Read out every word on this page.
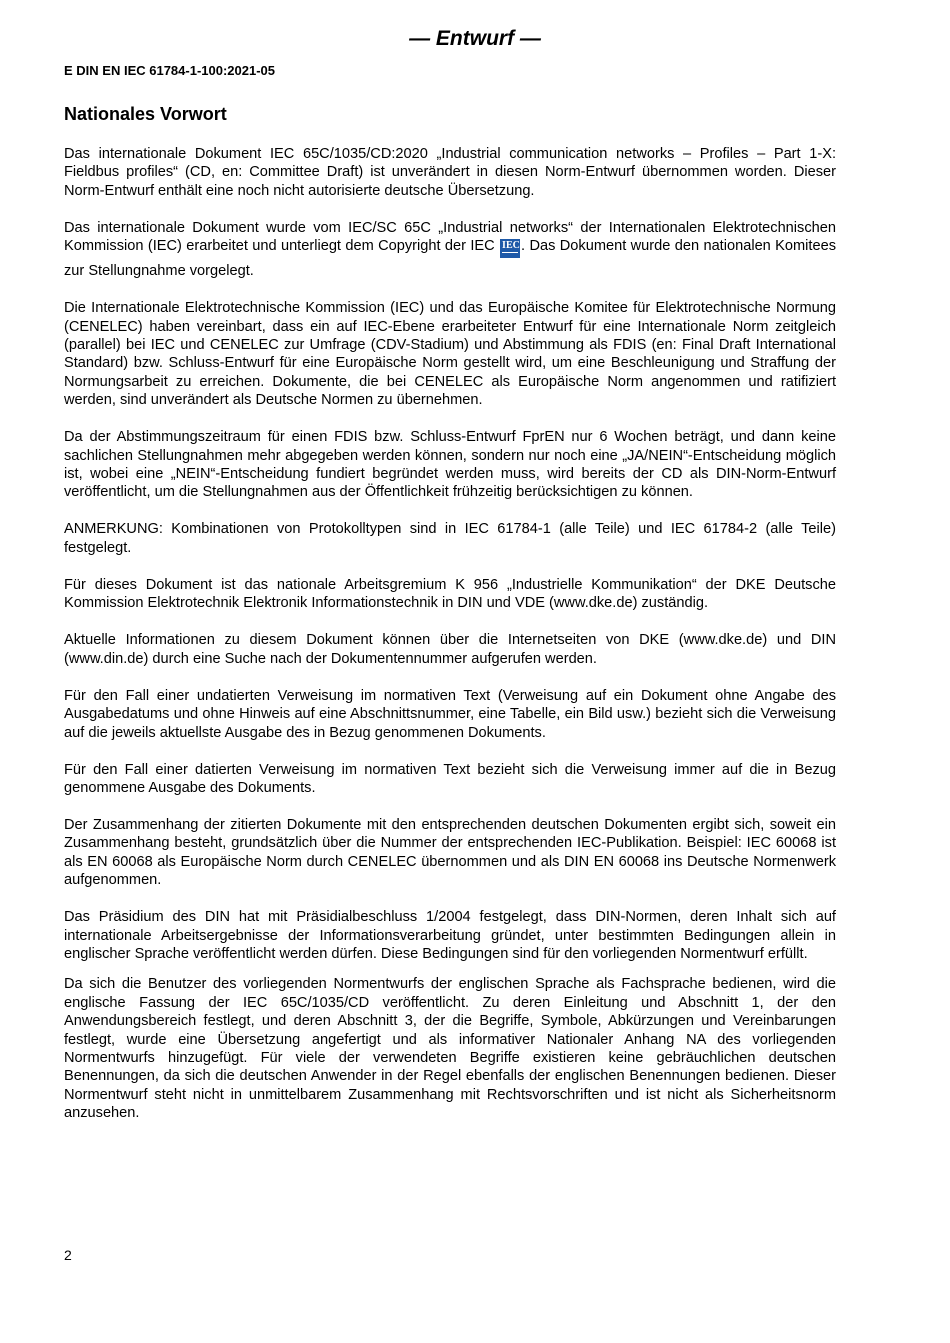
— Entwurf —
E DIN EN IEC 61784-1-100:2021-05
Nationales Vorwort

Das internationale Dokument IEC 65C/1035/CD:2020 „Industrial communication networks – Profiles – Part 1-X: Fieldbus profiles“ (CD, en: Committee Draft) ist unverändert in diesen Norm-Entwurf übernommen worden. Dieser Norm-Entwurf enthält eine noch nicht autorisierte deutsche Übersetzung.

Das internationale Dokument wurde vom IEC/SC 65C „Industrial networks“ der Internationalen Elektrotechnischen Kommission (IEC) erarbeitet und unterliegt dem Copyright der IEC IEC . Das Dokument wurde den nationalen Komitees zur Stellungnahme vorgelegt.

Die Internationale Elektrotechnische Kommission (IEC) und das Europäische Komitee für Elektrotechnische Normung (CENELEC) haben vereinbart, dass ein auf IEC-Ebene erarbeiteter Entwurf für eine Internationale Norm zeitgleich (parallel) bei IEC und CENELEC zur Umfrage (CDV-Stadium) und Abstimmung als FDIS (en: Final Draft International Standard) bzw. Schluss-Entwurf für eine Europäische Norm gestellt wird, um eine Beschleunigung und Straffung der Normungsarbeit zu erreichen. Dokumente, die bei CENELEC als Europäische Norm angenommen und ratifiziert werden, sind unverändert als Deutsche Normen zu übernehmen.

Da der Abstimmungszeitraum für einen FDIS bzw. Schluss-Entwurf FprEN nur 6 Wochen beträgt, und dann keine sachlichen Stellungnahmen mehr abgegeben werden können, sondern nur noch eine „JA/NEIN“-Entscheidung möglich ist, wobei eine „NEIN“-Entscheidung fundiert begründet werden muss, wird bereits der CD als DIN-Norm-Entwurf veröffentlicht, um die Stellungnahmen aus der Öffentlichkeit frühzeitig berücksichtigen zu können.

ANMERKUNG: Kombinationen von Protokolltypen sind in IEC 61784-1 (alle Teile) und IEC 61784-2 (alle Teile) festgelegt.

Für dieses Dokument ist das nationale Arbeitsgremium K 956 „Industrielle Kommunikation“ der DKE Deutsche Kommission Elektrotechnik Elektronik Informationstechnik in DIN und VDE (www.dke.de) zuständig.

Aktuelle Informationen zu diesem Dokument können über die Internetseiten von DKE (www.dke.de) und DIN (www.din.de) durch eine Suche nach der Dokumentennummer aufgerufen werden.

Für den Fall einer undatierten Verweisung im normativen Text (Verweisung auf ein Dokument ohne Angabe des Ausgabedatums und ohne Hinweis auf eine Abschnittsnummer, eine Tabelle, ein Bild usw.) bezieht sich die Verweisung auf die jeweils aktuellste Ausgabe des in Bezug genommenen Dokuments.

Für den Fall einer datierten Verweisung im normativen Text bezieht sich die Verweisung immer auf die in Bezug genommene Ausgabe des Dokuments.

Der Zusammenhang der zitierten Dokumente mit den entsprechenden deutschen Dokumenten ergibt sich, soweit ein Zusammenhang besteht, grundsätzlich über die Nummer der entsprechenden IEC-Publikation. Beispiel: IEC 60068 ist als EN 60068 als Europäische Norm durch CENELEC übernommen und als DIN EN 60068 ins Deutsche Normenwerk aufgenommen.

Das Präsidium des DIN hat mit Präsidialbeschluss 1/2004 festgelegt, dass DIN-Normen, deren Inhalt sich auf internationale Arbeitsergebnisse der Informationsverarbeitung gründet, unter bestimmten Bedingungen allein in englischer Sprache veröffentlicht werden dürfen. Diese Bedingungen sind für den vorliegenden Normentwurf erfüllt.

Da sich die Benutzer des vorliegenden Normentwurfs der englischen Sprache als Fachsprache bedienen, wird die englische Fassung der IEC 65C/1035/CD veröffentlicht. Zu deren Einleitung und Abschnitt 1, der den Anwendungsbereich festlegt, und deren Abschnitt 3, der die Begriffe, Symbole, Abkürzungen und Vereinbarungen festlegt, wurde eine Übersetzung angefertigt und als informativer Nationaler Anhang NA des vorliegenden Normentwurfs hinzugefügt. Für viele der verwendeten Begriffe existieren keine gebräuchlichen deutschen Benennungen, da sich die deutschen Anwender in der Regel ebenfalls der englischen Benennungen bedienen. Dieser Normentwurf steht nicht in unmittelbarem Zusammenhang mit Rechtsvorschriften und ist nicht als Sicherheitsnorm anzusehen.

2
